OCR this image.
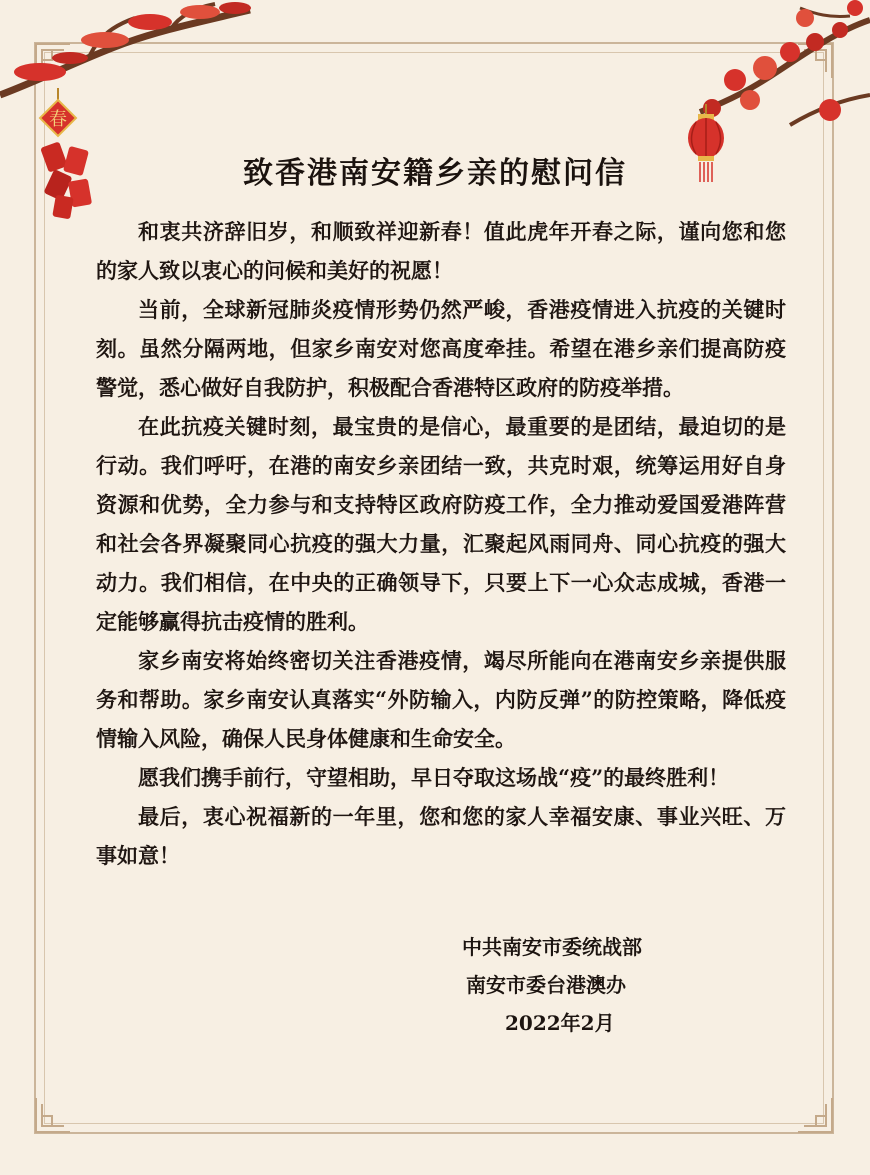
春
致香港南安籍乡亲的慰问信

和衷共济辞旧岁，和顺致祥迎新春！值此虎年开春之际，谨向您和您的家人致以衷心的问候和美好的祝愿！

当前，全球新冠肺炎疫情形势仍然严峻，香港疫情进入抗疫的关键时刻。虽然分隔两地，但家乡南安对您高度牵挂。希望在港乡亲们提高防疫警觉，悉心做好自我防护，积极配合香港特区政府的防疫举措。

在此抗疫关键时刻，最宝贵的是信心，最重要的是团结，最迫切的是行动。我们呼吁，在港的南安乡亲团结一致，共克时艰，统筹运用好自身资源和优势，全力参与和支持特区政府防疫工作，全力推动爱国爱港阵营和社会各界凝聚同心抗疫的强大力量，汇聚起风雨同舟、同心抗疫的强大动力。我们相信，在中央的正确领导下，只要上下一心众志成城，香港一定能够赢得抗击疫情的胜利。

家乡南安将始终密切关注香港疫情，竭尽所能向在港南安乡亲提供服务和帮助。家乡南安认真落实“外防输入，内防反弹”的防控策略，降低疫情输入风险，确保人民身体健康和生命安全。

愿我们携手前行，守望相助，早日夺取这场战“疫”的最终胜利！

最后，衷心祝福新的一年里，您和您的家人幸福安康、事业兴旺、万事如意！

中共南安市委统战部
南安市委台港澳办
2022年2月
